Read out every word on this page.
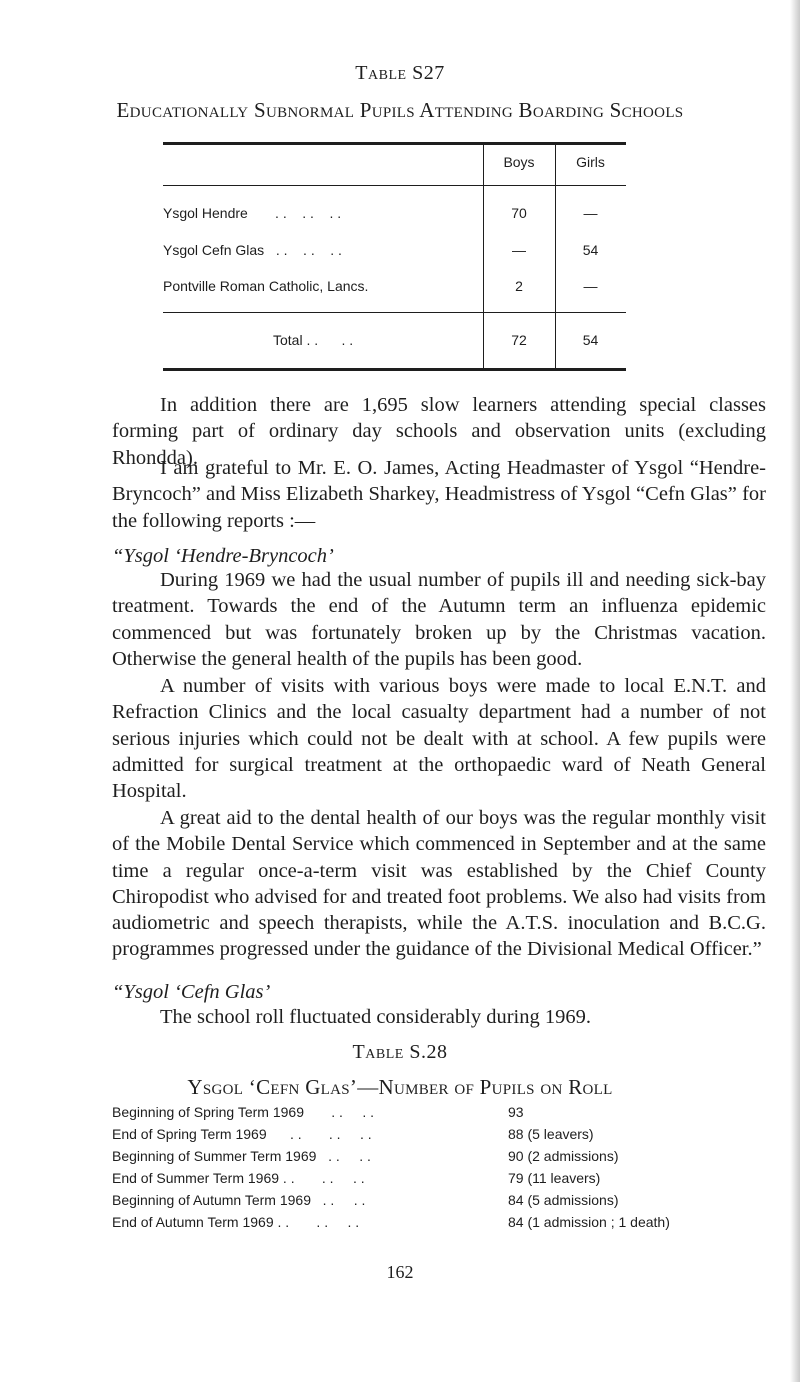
Table S27
Educationally Subnormal Pupils Attending Boarding Schools
Boys	Girls
Ysgol Hendre       . .    . .    . .	70	—
Ysgol Cefn Glas   . .    . .    . .	—	54
Pontville Roman Catholic, Lancs.	2	—
Total . .      . .	72	54

In addition there are 1,695 slow learners attending special classes forming part of ordinary day schools and observation units (excluding Rhondda).

I am grateful to Mr. E. O. James, Acting Headmaster of Ysgol “Hendre-Bryncoch” and Miss Elizabeth Sharkey, Headmistress of Ysgol “Cefn Glas” for the following reports :—

“Ysgol ‘Hendre-Bryncoch’

During 1969 we had the usual number of pupils ill and needing sick-bay treatment. Towards the end of the Autumn term an influenza epidemic commenced but was fortunately broken up by the Christmas vacation. Otherwise the general health of the pupils has been good.

A number of visits with various boys were made to local E.N.T. and Refraction Clinics and the local casualty department had a number of not serious injuries which could not be dealt with at school. A few pupils were admitted for surgical treatment at the orthopaedic ward of Neath General Hospital.

A great aid to the dental health of our boys was the regular monthly visit of the Mobile Dental Service which commenced in September and at the same time a regular once-a-term visit was established by the Chief County Chiropodist who advised for and treated foot problems. We also had visits from audiometric and speech therapists, while the A.T.S. inoculation and B.C.G. programmes progressed under the guidance of the Divisional Medical Officer.”

“Ysgol ‘Cefn Glas’

The school roll fluctuated considerably during 1969.

Table S.28
Ysgol ‘Cefn Glas’—Number of Pupils on Roll
Beginning of Spring Term 1969       . .     . .	93
End of Spring Term 1969      . .       . .     . .	88 (5 leavers)
Beginning of Summer Term 1969   . .     . .	90 (2 admissions)
End of Summer Term 1969 . .       . .     . .	79 (11 leavers)
Beginning of Autumn Term 1969   . .     . .	84 (5 admissions)
End of Autumn Term 1969 . .       . .     . .	84 (1 admission ; 1 death)
162
